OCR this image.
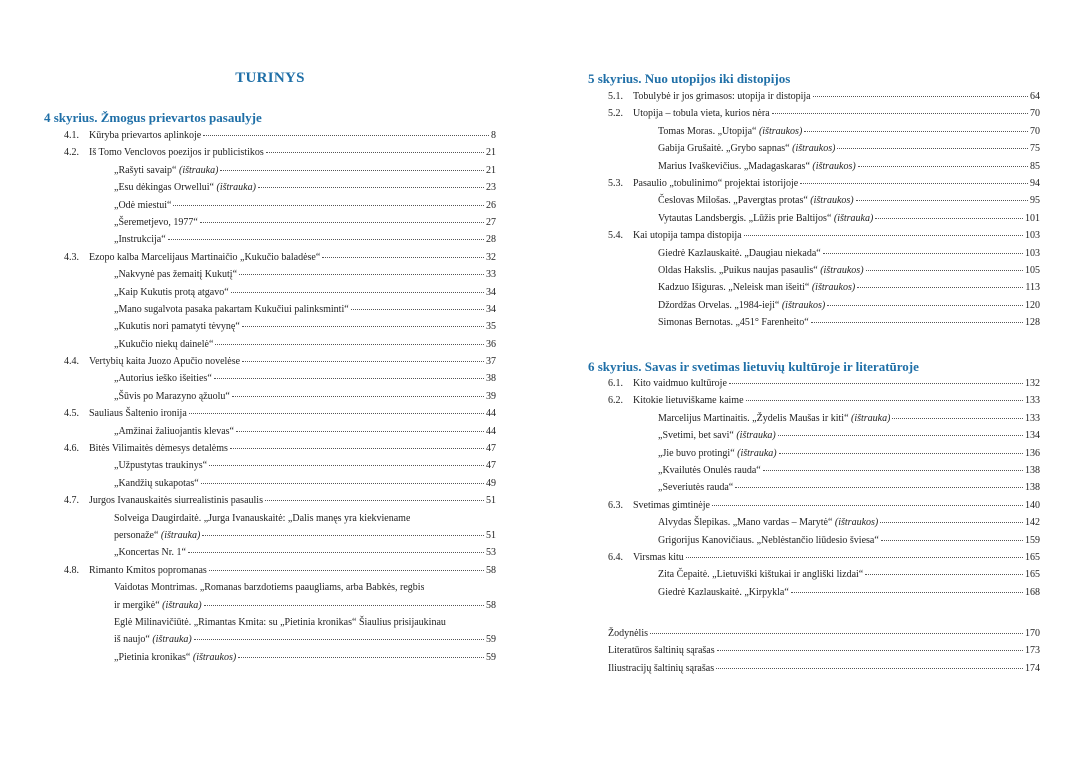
TURINYS
4 skyrius. Žmogus prievartos pasaulyje
4.1.	Kūryba prievartos aplinkoje	8
4.2.	Iš Tomo Venclovos poezijos ir publicistikos	21
„Rašyti savaip“ (ištrauka)	21
„Esu dėkingas Orwellui“ (ištrauka)	23
„Odė miestui“	26
„Šeremetjevo, 1977“	27
„Instrukcija“	28
4.3.	Ezopo kalba Marcelijaus Martinaičio „Kukučio baladėse“	32
„Nakvynė pas žemaitį Kukutį“	33
„Kaip Kukutis protą atgavo“	34
„Mano sugalvota pasaka pakartam Kukučiui palinksminti“	34
„Kukutis nori pamatyti tėvynę“	35
„Kukučio niekų dainelė“	36
4.4.	Vertybių kaita Juozo Apučio novelėse	37
„Autorius ieško išeities“	38
„Šūvis po Marazyno ąžuolu“	39
4.5.	Sauliaus Šaltenio ironija	44
„Amžinai žaliuojantis klevas“	44
4.6.	Bitės Vilimaitės dėmesys detalėms	47
„Užpustytas traukinys“	47
„Kandžių sukapotas“	49
4.7.	Jurgos Ivanauskaitės siurrealistinis pasaulis	51
Solveiga Daugirdaitė. „Jurga Ivanauskaitė: „Dalis manęs yra kiekviename
personaže“ (ištrauka)	51
„Koncertas Nr. 1“	53
4.8.	Rimanto Kmitos popromanas	58
Vaidotas Montrimas. „Romanas barzdotiems paaugliams, arba Babkės, regbis
ir mergikė“ (ištrauka)	58
Eglė Milinavičiūtė. „Rimantas Kmita: su „Pietinia kronikas“ Šiaulius prisijaukinau
iš naujo“ (ištrauka)	59
„Pietinia kronikas“ (ištraukos)	59
5 skyrius. Nuo utopijos iki distopijos
5.1.	Tobulybė ir jos grimasos: utopija ir distopija	64
5.2.	Utopija – tobula vieta, kurios nėra	70
Tomas Moras. „Utopija“ (ištraukos)	70
Gabija Grušaitė. „Grybo sapnas“ (ištraukos)	75
Marius Ivaškevičius. „Madagaskaras“ (ištraukos)	85
5.3.	Pasaulio „tobulinimo“ projektai istorijoje	94
Česlovas Milošas. „Pavergtas protas“ (ištraukos)	95
Vytautas Landsbergis. „Lūžis prie Baltijos“ (ištrauka)	101
5.4.	Kai utopija tampa distopija	103
Giedrė Kazlauskaitė. „Daugiau niekada“	103
Oldas Hakslis. „Puikus naujas pasaulis“ (ištraukos)	105
Kadzuo Išiguras. „Neleisk man išeiti“ (ištraukos)	113
Džordžas Orvelas. „1984-ieji“ (ištraukos)	120
Simonas Bernotas. „451° Farenheito“	128
6 skyrius. Savas ir svetimas lietuvių kultūroje ir literatūroje
6.1.	Kito vaidmuo kultūroje	132
6.2.	Kitokie lietuviškame kaime	133
Marcelijus Martinaitis. „Žydelis Maušas ir kiti“ (ištrauka)	133
„Svetimi, bet savi“ (ištrauka)	134
„Jie buvo protingi“ (ištrauka)	136
„Kvailutės Onulės rauda“	138
„Severiutės rauda“	138
6.3.	Svetimas gimtinėje	140
Alvydas Šlepikas. „Mano vardas – Marytė“ (ištraukos)	142
Grigorijus Kanovičiaus. „Neblėstančio liūdesio šviesa“	159
6.4.	Virsmas kitu	165
Zita Čepaitė. „Lietuviški kištukai ir angliški lizdai“	165
Giedrė Kazlauskaitė. „Kirpykla“	168
Žodynėlis	170
Literatūros šaltinių sąrašas	173
Iliustracijų šaltinių sąrašas	174
